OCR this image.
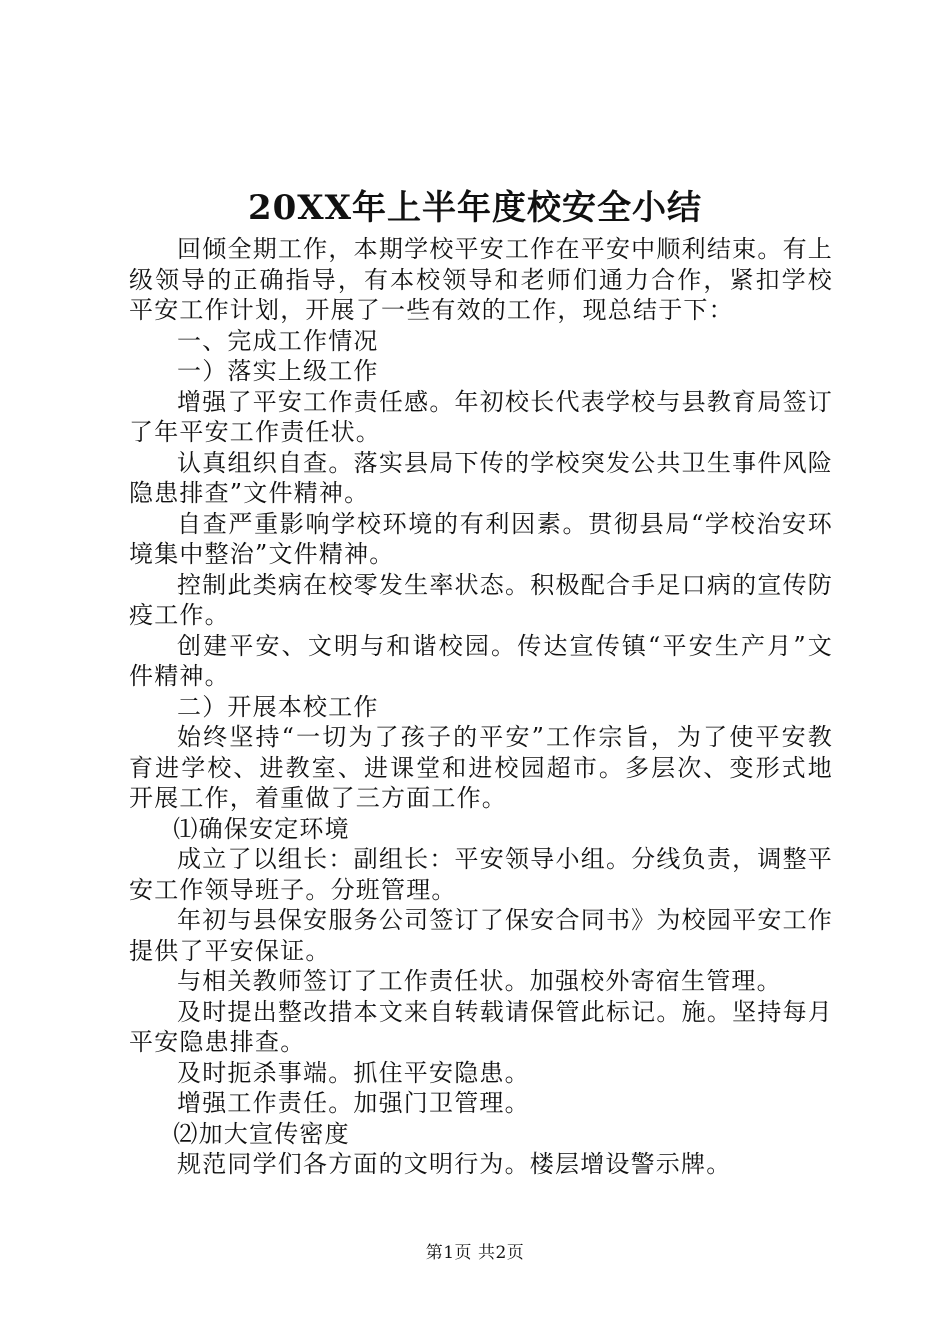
20XX年上半年度校安全小结

回倾全期工作，本期学校平安工作在平安中顺利结束。有上级领导的正确指导，有本校领导和老师们通力合作，紧扣学校平安工作计划，开展了一些有效的工作，现总结于下：

一、完成工作情况

一）落实上级工作

增强了平安工作责任感。年初校长代表学校与县教育局签订了年平安工作责任状。

认真组织自查。落实县局下传的学校突发公共卫生事件风险隐患排查”文件精神。

自查严重影响学校环境的有利因素。贯彻县局“学校治安环境集中整治”文件精神。

控制此类病在校零发生率状态。积极配合手足口病的宣传防疫工作。

创建平安、文明与和谐校园。传达宣传镇“平安生产月”文件精神。

二）开展本校工作

始终坚持“一切为了孩子的平安”工作宗旨，为了使平安教育进学校、进教室、进课堂和进校园超市。多层次、变形式地开展工作，着重做了三方面工作。

⑴确保安定环境

成立了以组长：副组长：平安领导小组。分线负责，调整平安工作领导班子。分班管理。

年初与县保安服务公司签订了保安合同书》为校园平安工作提供了平安保证。

与相关教师签订了工作责任状。加强校外寄宿生管理。

及时提出整改措本文来自转载请保管此标记。施。坚持每月平安隐患排查。

及时扼杀事端。抓住平安隐患。

增强工作责任。加强门卫管理。

⑵加大宣传密度

规范同学们各方面的文明行为。楼层增设警示牌。

第1页 共2页
